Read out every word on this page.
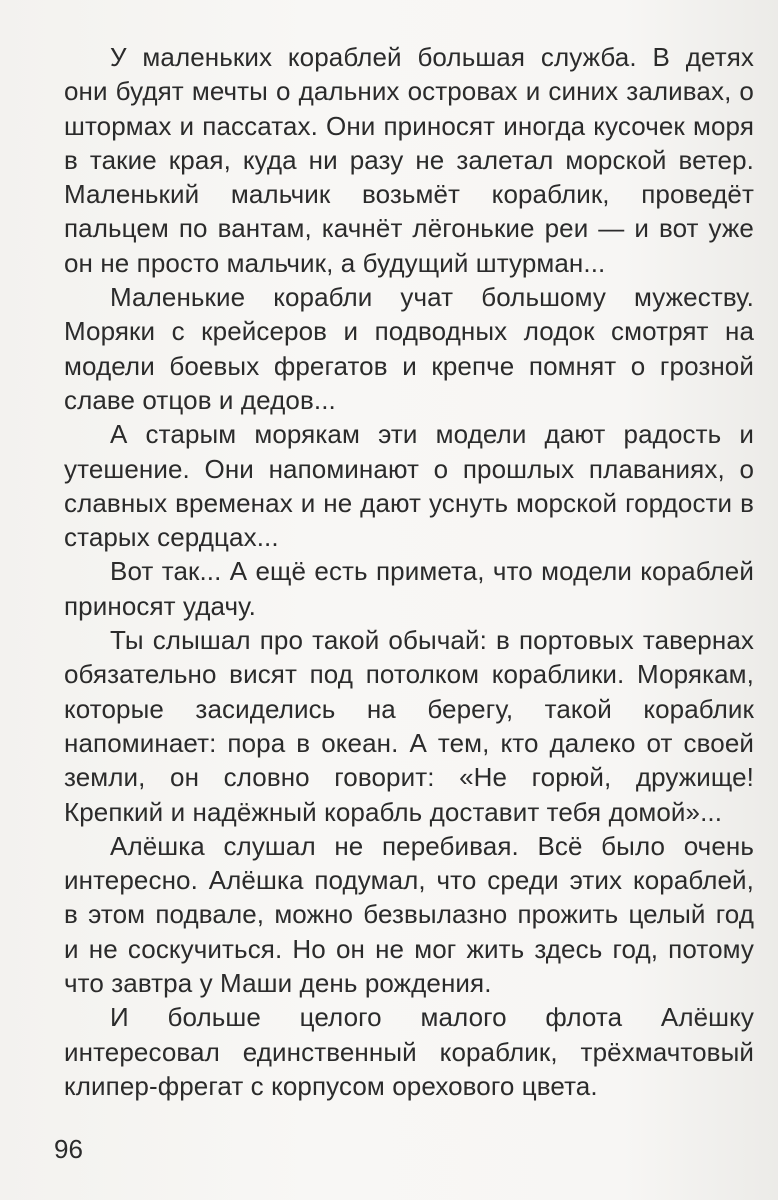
У маленьких кораблей большая служба. В детях они будят мечты о дальних островах и синих заливах, о штормах и пассатах. Они приносят иногда кусочек моря в такие края, куда ни разу не залетал морской ветер. Маленький мальчик возьмёт кораблик, проведёт пальцем по вантам, качнёт лёгонькие реи — и вот уже он не просто мальчик, а будущий штурман...

Маленькие корабли учат большому мужеству. Моряки с крейсеров и подводных лодок смотрят на модели боевых фрегатов и крепче помнят о грозной славе отцов и дедов...

А старым морякам эти модели дают радость и утешение. Они напоминают о прошлых плаваниях, о славных временах и не дают уснуть морской гордости в старых сердцах...

Вот так... А ещё есть примета, что модели кораблей приносят удачу.

Ты слышал про такой обычай: в портовых тавернах обязательно висят под потолком кораблики. Морякам, которые засиделись на берегу, такой кораблик напоминает: пора в океан. А тем, кто далеко от своей земли, он словно говорит: «Не горюй, дружище! Крепкий и надёжный корабль доставит тебя домой»...

Алёшка слушал не перебивая. Всё было очень интересно. Алёшка подумал, что среди этих кораблей, в этом подвале, можно безвылазно прожить целый год и не соскучиться. Но он не мог жить здесь год, потому что завтра у Маши день рождения.

И больше целого малого флота Алёшку интересовал единственный кораблик, трёхмачтовый клипер-фрегат с корпусом орехового цвета.

96
